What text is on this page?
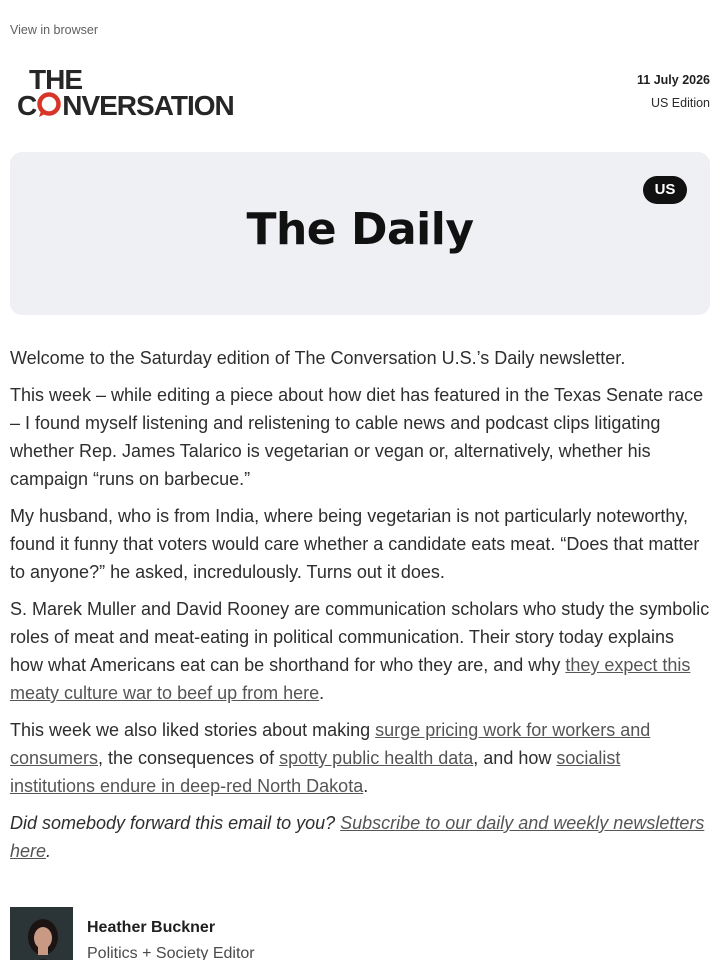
View in browser
THE
C NVERSATION
11 July 2026
US Edition
US
The Daily

Welcome to the Saturday edition of The Conversation U.S.’s Daily newsletter.

This week – while editing a piece about how diet has featured in the Texas Senate race – I found myself listening and relistening to cable news and podcast clips litigating whether Rep. James Talarico is vegetarian or vegan or, alternatively, whether his campaign “runs on barbecue.”

My husband, who is from India, where being vegetarian is not particularly noteworthy, found it funny that voters would care whether a candidate eats meat. “Does that matter to anyone?” he asked, incredulously. Turns out it does.

S. Marek Muller and David Rooney are communication scholars who study the symbolic roles of meat and meat-eating in political communication. Their story today explains how what Americans eat can be shorthand for who they are, and why they expect this meaty culture war to beef up from here.

This week we also liked stories about making surge pricing work for workers and consumers, the consequences of spotty public health data, and how socialist institutions endure in deep-red North Dakota.

Did somebody forward this email to you? Subscribe to our daily and weekly newsletters here.

Heather Buckner
Politics + Society Editor
